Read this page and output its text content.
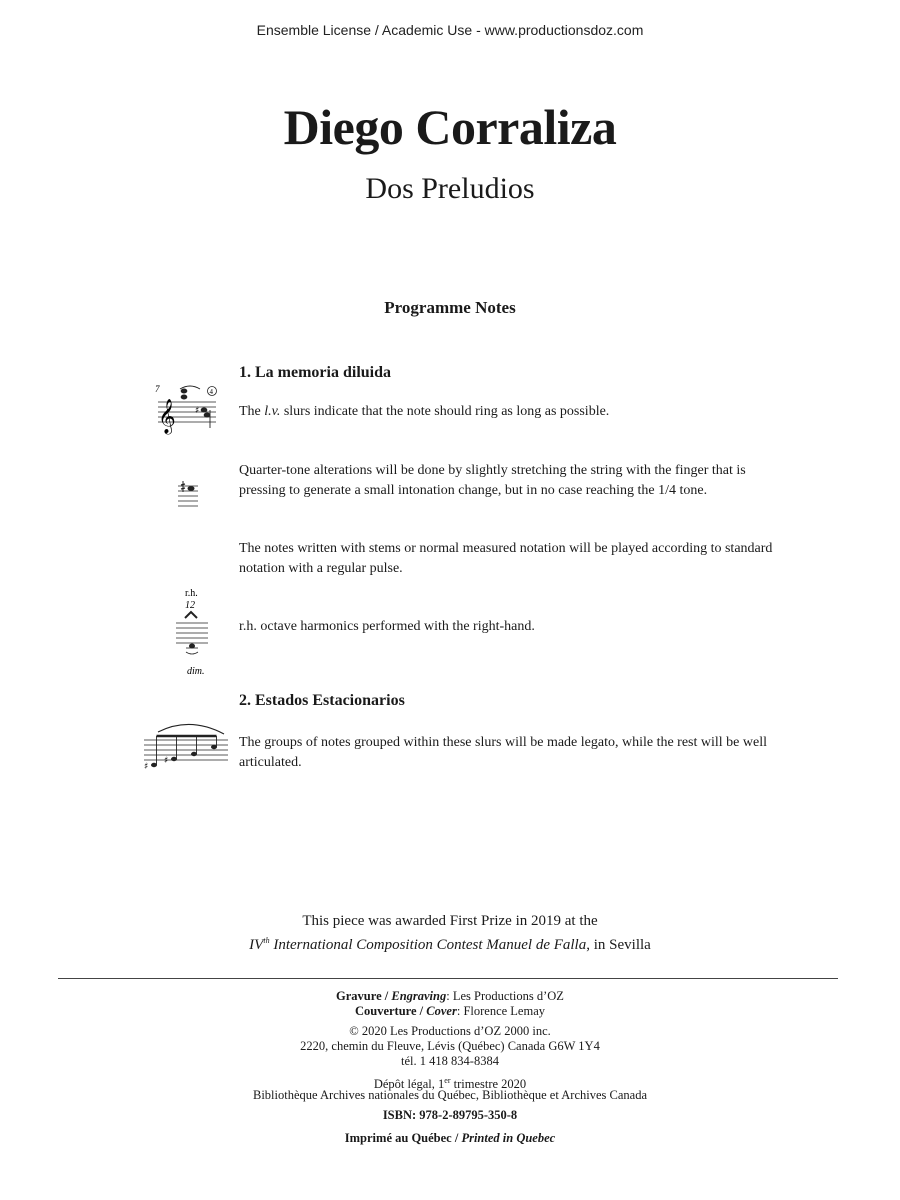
Ensemble License / Academic Use - www.productionsdoz.com
Diego Corraliza
Dos Preludios
Programme Notes
1. La memoria diluida
7
𝄞
4
♯	The l.v. slurs indicate that the note should ring as long as possible.
Quarter-tone alterations will be done by slightly stretching the string with the finger that is pressing to generate a small intonation change, but in no case reaching the 1/4 tone.
The notes written with stems or normal measured notation will be played according to standard notation with a regular pulse.
r.h.
12
dim.
r.h. octave harmonics performed with the right-hand.
2. Estados Estacionarios
♯
♯
The groups of notes grouped within these slurs will be made legato, while the rest will be well articulated.
This piece was awarded First Prize in 2019 at the
IVth International Composition Contest Manuel de Falla, in Sevilla
Gravure / Engraving: Les Productions d’OZ
Couverture / Cover: Florence Lemay
© 2020 Les Productions d’OZ 2000 inc.
2220, chemin du Fleuve, Lévis (Québec) Canada G6W 1Y4
tél. 1 418 834-8384
Dépôt légal, 1er trimestre 2020
Bibliothèque Archives nationales du Québec, Bibliothèque et Archives Canada
ISBN: 978-2-89795-350-8
Imprimé au Québec / Printed in Quebec
